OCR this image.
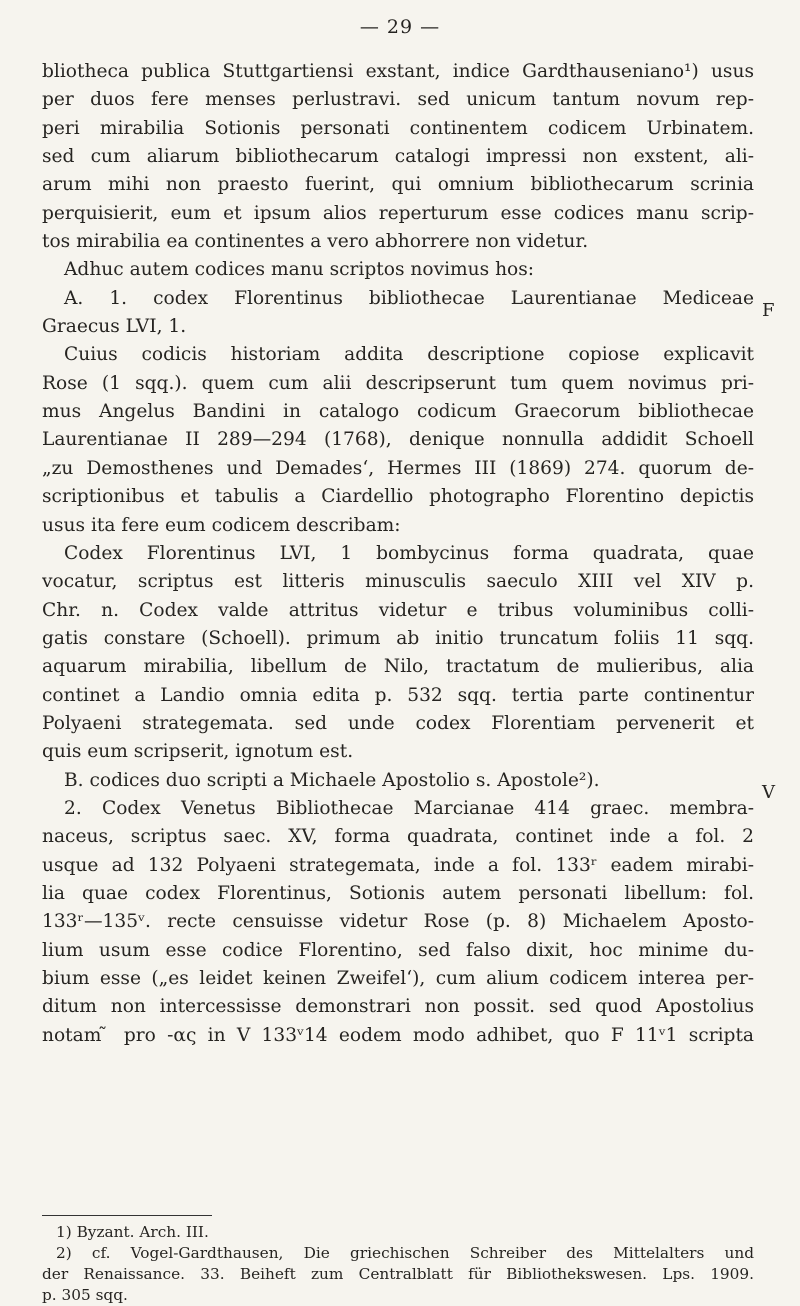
— 29 —
bliotheca publica Stuttgartiensi exstant, indice Gardthauseniano¹) usus
per duos fere menses perlustravi. sed unicum tantum novum rep-
peri mirabilia Sotionis personati continentem codicem Urbinatem.
sed cum aliarum bibliothecarum catalogi impressi non exstent, ali-
arum mihi non praesto fuerint, qui omnium bibliothecarum scrinia
perquisierit, eum et ipsum alios reperturum esse codices manu scrip-
tos mirabilia ea continentes a vero abhorrere non videtur.
Adhuc autem codices manu scriptos novimus hos:
A. 1. codex Florentinus bibliothecae Laurentianae Mediceae
Graecus LVI, 1.
Cuius codicis historiam addita descriptione copiose explicavit
Rose (1 sqq.). quem cum alii descripserunt tum quem novimus pri-
mus Angelus Bandini in catalogo codicum Graecorum bibliothecae
Laurentianae II 289—294 (1768), denique nonnulla addidit Schoell
„zu Demosthenes und Demades‘, Hermes III (1869) 274. quorum de-
scriptionibus et tabulis a Ciardellio photographo Florentino depictis
usus ita fere eum codicem describam:
Codex Florentinus LVI, 1 bombycinus forma quadrata, quae
vocatur, scriptus est litteris minusculis saeculo XIII vel XIV p.
Chr. n. Codex valde attritus videtur e tribus voluminibus colli-
gatis constare (Schoell). primum ab initio truncatum foliis 11 sqq.
aquarum mirabilia, libellum de Nilo, tractatum de mulieribus, alia
continet a Landio omnia edita p. 532 sqq. tertia parte continentur
Polyaeni strategemata. sed unde codex Florentiam pervenerit et
quis eum scripserit, ignotum est.
B. codices duo scripti a Michaele Apostolio s. Apostole²).
2. Codex Venetus Bibliothecae Marcianae 414 graec. membra-
naceus, scriptus saec. XV, forma quadrata, continet inde a fol. 2
usque ad 132 Polyaeni strategemata, inde a fol. 133ʳ eadem mirabi-
lia quae codex Florentinus, Sotionis autem personati libellum: fol.
133ʳ—135ᵛ. recte censuisse videtur Rose (p. 8) Michaelem Aposto-
lium usum esse codice Florentino, sed falso dixit, hoc minime du-
bium esse („es leidet keinen Zweifel‘), cum alium codicem interea per-
ditum non intercessisse demonstrari non possit. sed quod Apostolius
notam ̃ pro -ας in V 133ᵛ14 eodem modo adhibet, quo F 11ᵛ1 scripta
F
V
1) Byzant. Arch. III.
2) cf. Vogel-Gardthausen, Die griechischen Schreiber des Mittelalters und
der Renaissance. 33. Beiheft zum Centralblatt für Bibliothekswesen. Lps. 1909.
p. 305 sqq.
